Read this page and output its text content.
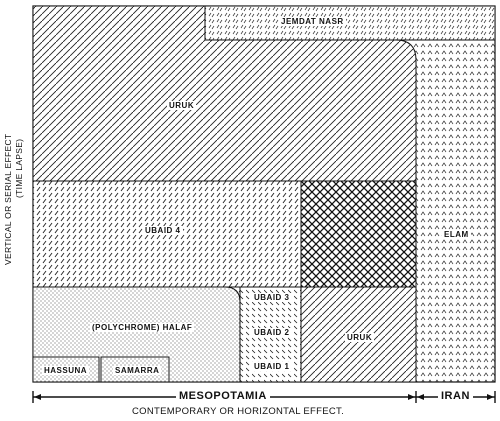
JEMDAT NASR
URUK
UBAID 4	ELAM
UBAID 3
UBAID 2
UBAID 1
URUK
(POLYCHROME) HALAF
HASSUNA	SAMARRA
MESOPOTAMIA	IRAN
CONTEMPORARY OR HORIZONTAL EFFECT.
VERTICAL OR SERIAL EFFECT (TIME LAPSE)
